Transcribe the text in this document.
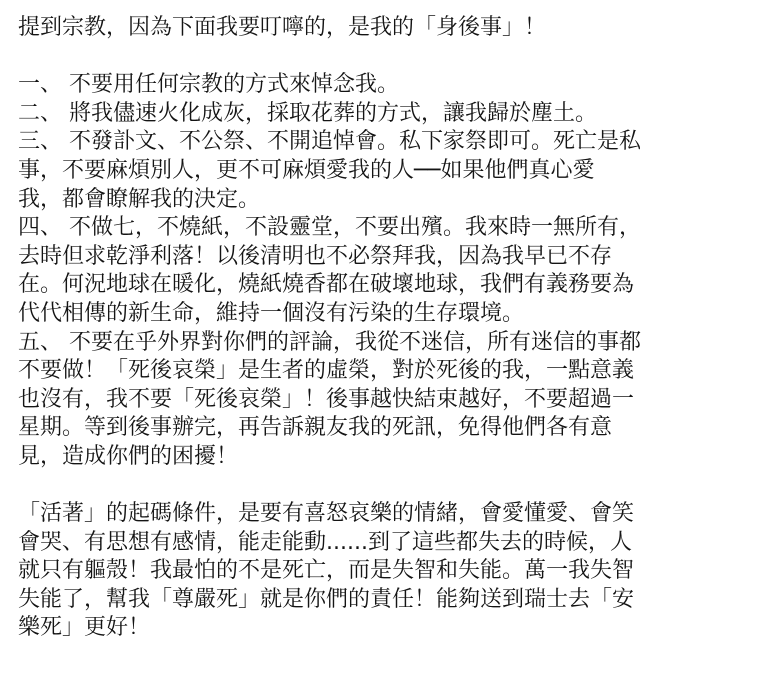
提到宗教，因為下面我要叮嚀的，是我的「身後事」！
一、 不要用任何宗教的方式來悼念我。
二、 將我儘速火化成灰，採取花葬的方式，讓我歸於塵土。
三、 不發訃文、不公祭、不開追悼會。私下家祭即可。死亡是私
事，不要麻煩別人，更不可麻煩愛我的人──如果他們真心愛
我，都會瞭解我的決定。
四、 不做七，不燒紙，不設靈堂，不要出殯。我來時一無所有，
去時但求乾淨利落！以後清明也不必祭拜我，因為我早已不存
在。何況地球在暖化，燒紙燒香都在破壞地球，我們有義務要為
代代相傳的新生命，維持一個沒有污染的生存環境。
五、 不要在乎外界對你們的評論，我從不迷信，所有迷信的事都
不要做！「死後哀榮」是生者的虛榮，對於死後的我，一點意義
也沒有，我不要「死後哀榮」！後事越快結束越好，不要超過一
星期。等到後事辦完，再告訴親友我的死訊，免得他們各有意
見，造成你們的困擾！
「活著」的起碼條件，是要有喜怒哀樂的情緒，會愛懂愛、會笑
會哭、有思想有感情，能走能動......到了這些都失去的時候，人
就只有軀殼！我最怕的不是死亡，而是失智和失能。萬一我失智
失能了，幫我「尊嚴死」就是你們的責任！能夠送到瑞士去「安
樂死」更好！
